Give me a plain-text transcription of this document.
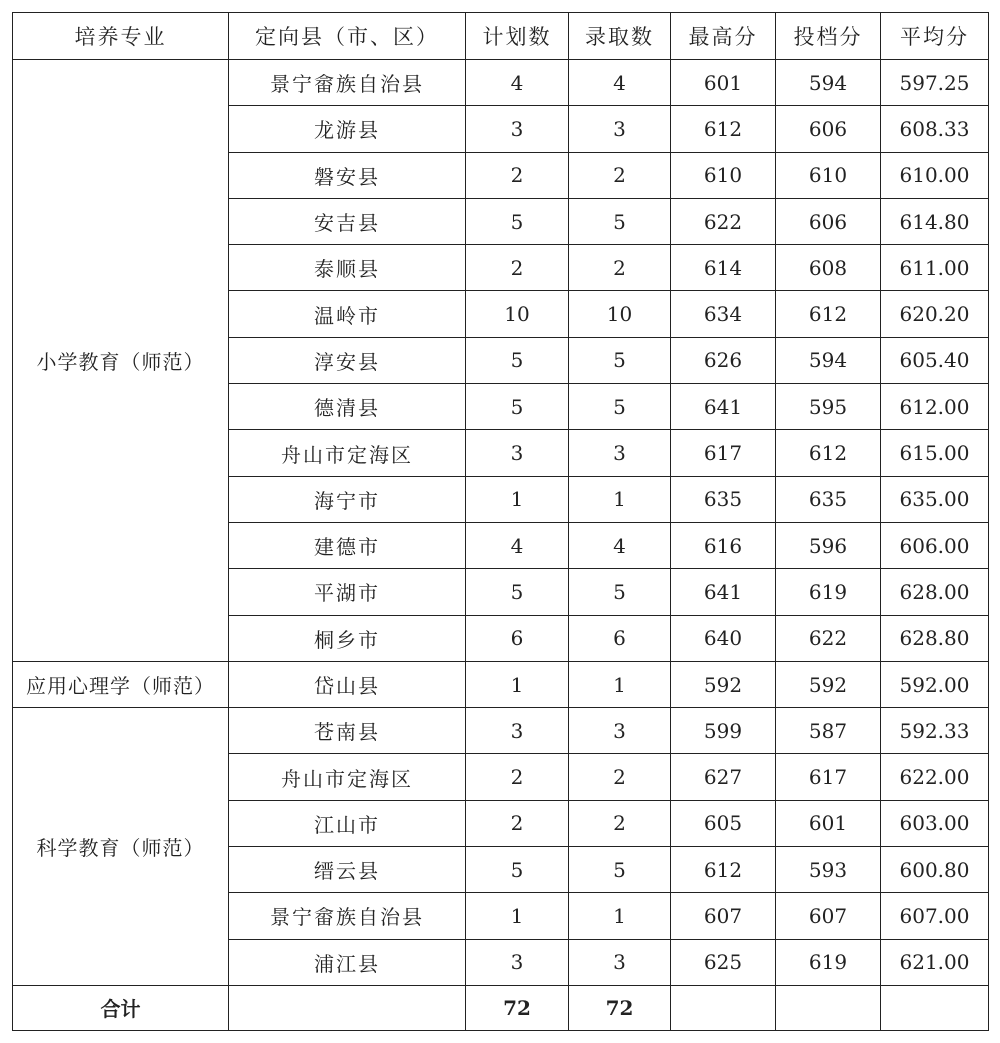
培养专业	定向县（市、区）	计划数	录取数	最高分	投档分	平均分
小学教育（师范）	景宁畲族自治县	4	4	601	594	597.25
	龙游县	3	3	612	606	608.33
	磐安县	2	2	610	610	610.00
	安吉县	5	5	622	606	614.80
	泰顺县	2	2	614	608	611.00
	温岭市	10	10	634	612	620.20
	淳安县	5	5	626	594	605.40
	德清县	5	5	641	595	612.00
	舟山市定海区	3	3	617	612	615.00
	海宁市	1	1	635	635	635.00
	建德市	4	4	616	596	606.00
	平湖市	5	5	641	619	628.00
	桐乡市	6	6	640	622	628.80
应用心理学（师范）	岱山县	1	1	592	592	592.00
科学教育（师范）	苍南县	3	3	599	587	592.33
	舟山市定海区	2	2	627	617	622.00
	江山市	2	2	605	601	603.00
	缙云县	5	5	612	593	600.80
	景宁畲族自治县	1	1	607	607	607.00
	浦江县	3	3	625	619	621.00
合计		72	72			
